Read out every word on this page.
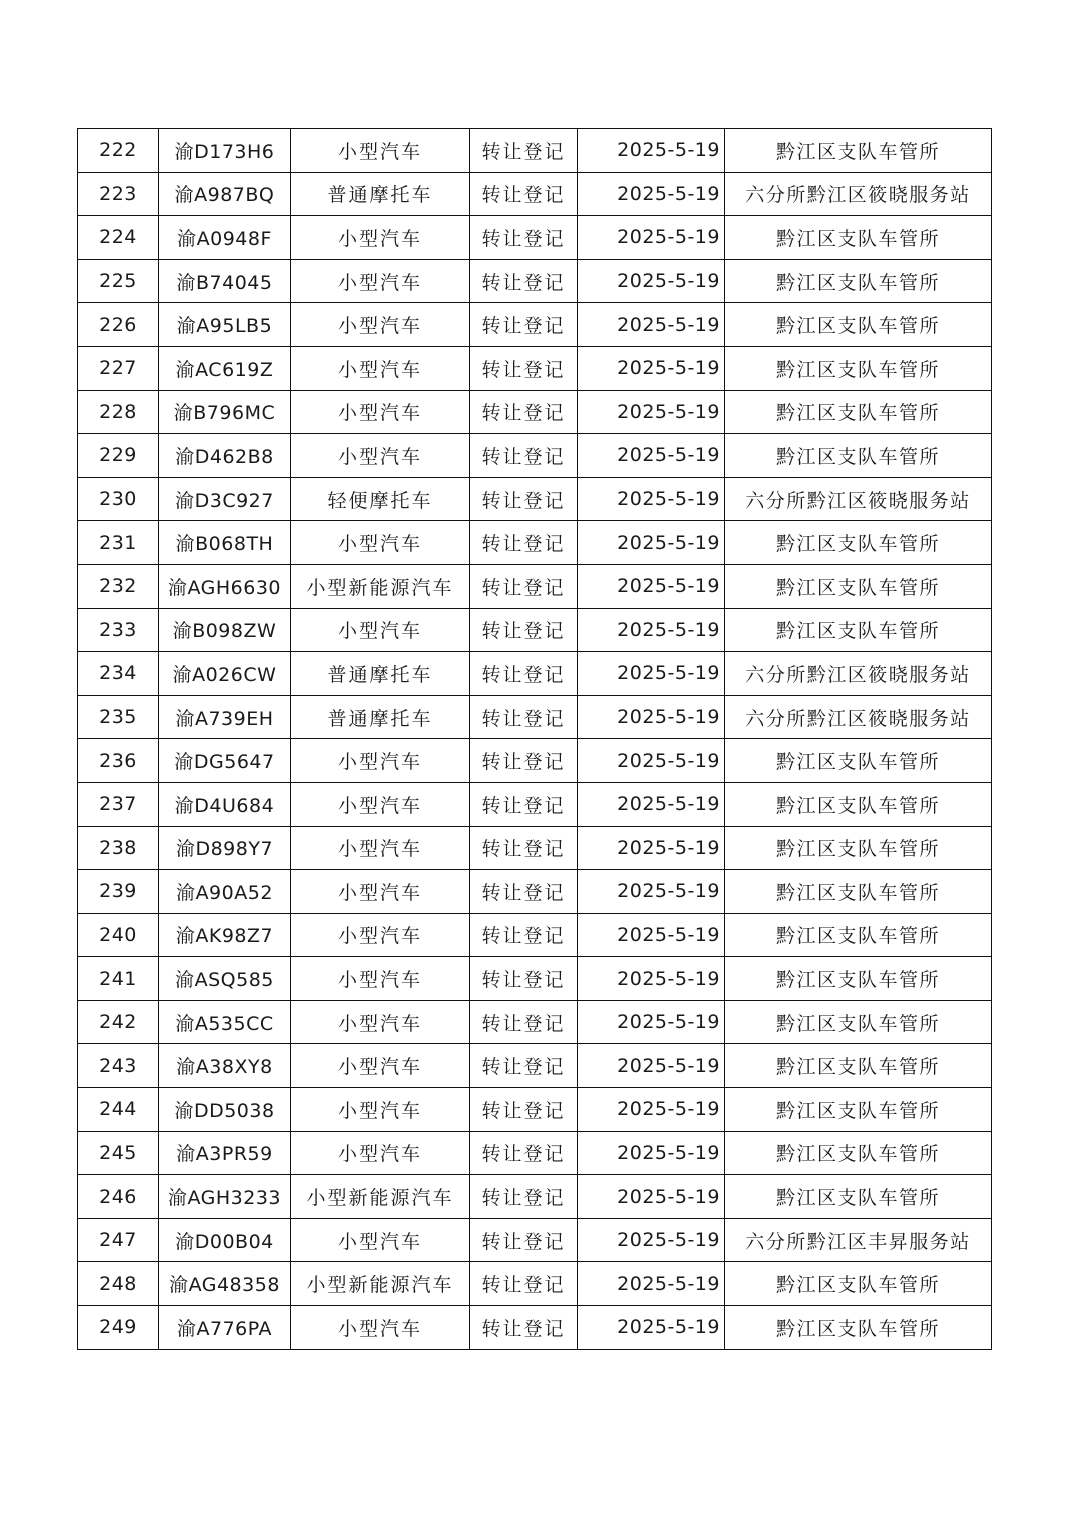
222	渝D173H6	小型汽车	转让登记	2025-5-19	黔江区支队车管所
223	渝A987BQ	普通摩托车	转让登记	2025-5-19	六分所黔江区筱晓服务站
224	渝A0948F	小型汽车	转让登记	2025-5-19	黔江区支队车管所
225	渝B74045	小型汽车	转让登记	2025-5-19	黔江区支队车管所
226	渝A95LB5	小型汽车	转让登记	2025-5-19	黔江区支队车管所
227	渝AC619Z	小型汽车	转让登记	2025-5-19	黔江区支队车管所
228	渝B796MC	小型汽车	转让登记	2025-5-19	黔江区支队车管所
229	渝D462B8	小型汽车	转让登记	2025-5-19	黔江区支队车管所
230	渝D3C927	轻便摩托车	转让登记	2025-5-19	六分所黔江区筱晓服务站
231	渝B068TH	小型汽车	转让登记	2025-5-19	黔江区支队车管所
232	渝AGH6630	小型新能源汽车	转让登记	2025-5-19	黔江区支队车管所
233	渝B098ZW	小型汽车	转让登记	2025-5-19	黔江区支队车管所
234	渝A026CW	普通摩托车	转让登记	2025-5-19	六分所黔江区筱晓服务站
235	渝A739EH	普通摩托车	转让登记	2025-5-19	六分所黔江区筱晓服务站
236	渝DG5647	小型汽车	转让登记	2025-5-19	黔江区支队车管所
237	渝D4U684	小型汽车	转让登记	2025-5-19	黔江区支队车管所
238	渝D898Y7	小型汽车	转让登记	2025-5-19	黔江区支队车管所
239	渝A90A52	小型汽车	转让登记	2025-5-19	黔江区支队车管所
240	渝AK98Z7	小型汽车	转让登记	2025-5-19	黔江区支队车管所
241	渝ASQ585	小型汽车	转让登记	2025-5-19	黔江区支队车管所
242	渝A535CC	小型汽车	转让登记	2025-5-19	黔江区支队车管所
243	渝A38XY8	小型汽车	转让登记	2025-5-19	黔江区支队车管所
244	渝DD5038	小型汽车	转让登记	2025-5-19	黔江区支队车管所
245	渝A3PR59	小型汽车	转让登记	2025-5-19	黔江区支队车管所
246	渝AGH3233	小型新能源汽车	转让登记	2025-5-19	黔江区支队车管所
247	渝D00B04	小型汽车	转让登记	2025-5-19	六分所黔江区丰昇服务站
248	渝AG48358	小型新能源汽车	转让登记	2025-5-19	黔江区支队车管所
249	渝A776PA	小型汽车	转让登记	2025-5-19	黔江区支队车管所
